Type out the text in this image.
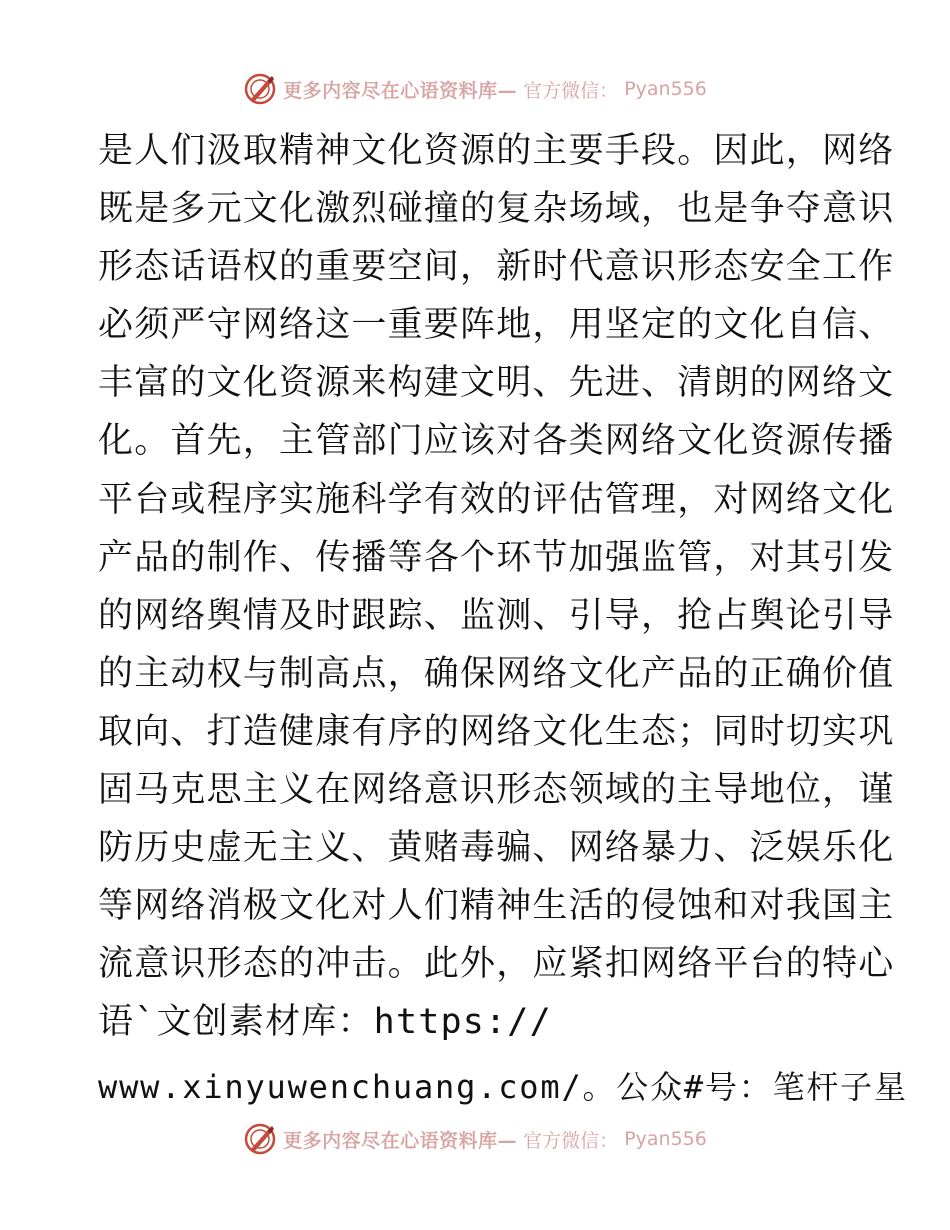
更多内容尽在心语资料库— 官方微信： Pyan556
是人们汲取精神文化资源的主要手段。因此，网络
既是多元文化激烈碰撞的复杂场域，也是争夺意识
形态话语权的重要空间，新时代意识形态安全工作
必须严守网络这一重要阵地，用坚定的文化自信、
丰富的文化资源来构建文明、先进、清朗的网络文
化。首先，主管部门应该对各类网络文化资源传播
平台或程序实施科学有效的评估管理，对网络文化
产品的制作、传播等各个环节加强监管，对其引发
的网络舆情及时跟踪、监测、引导，抢占舆论引导
的主动权与制高点，确保网络文化产品的正确价值
取向、打造健康有序的网络文化生态；同时切实巩
固马克思主义在网络意识形态领域的主导地位，谨
防历史虚无主义、黄赌毒骗、网络暴力、泛娱乐化
等网络消极文化对人们精神生活的侵蚀和对我国主
流意识形态的冲击。此外，应紧扣网络平台的特心
语`文创素材库：https://
www.xinyuwenchuang.com/。公众#号：笔杆子星
更多内容尽在心语资料库— 官方微信： Pyan556
